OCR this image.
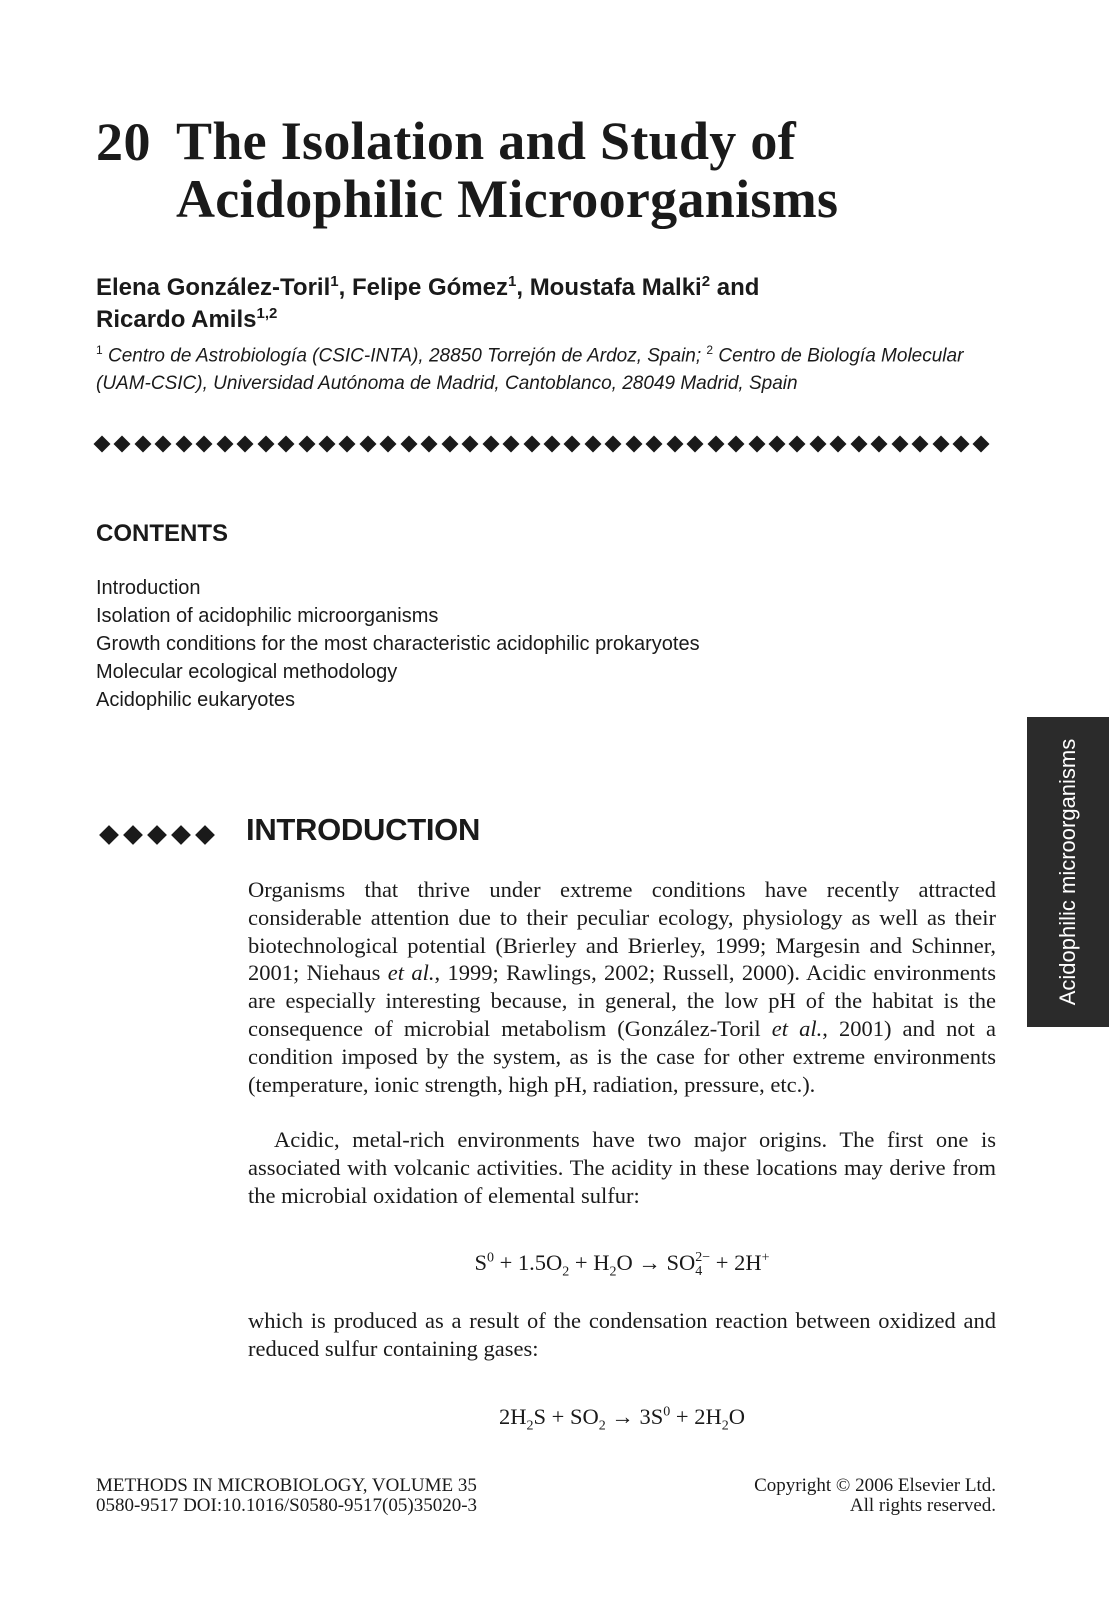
20 The Isolation and Study of
Acidophilic Microorganisms
Elena González-Toril$^1$, Felipe Gómez$^1$, Moustafa Malki$^2$ and
Ricardo Amils$^{1,2}$
$^1$ Centro de Astrobiología (CSIC-INTA), 28850 Torrejón de Ardoz, Spain; $^2$ Centro de Biología Molecular (UAM-CSIC), Universidad Autónoma de Madrid, Cantoblanco, 28049 Madrid, Spain
CONTENTS
Introduction
Isolation of acidophilic microorganisms
Growth conditions for the most characteristic acidophilic prokaryotes
Molecular ecological methodology
Acidophilic eukaryotes
Acidophilic microorganisms
INTRODUCTION

Organisms that thrive under extreme conditions have recently attracted considerable attention due to their peculiar ecology, physiology as well as their biotechnological potential (Brierley and Brierley, 1999; Margesin and Schinner, 2001; Niehaus et al., 1999; Rawlings, 2002; Russell, 2000). Acidic environments are especially interesting because, in general, the low pH of the habitat is the consequence of microbial metabolism (González-Toril et al., 2001) and not a condition imposed by the system, as is the case for other extreme environments (temperature, ionic strength, high pH, radiation, pressure, etc.).

Acidic, metal-rich environments have two major origins. The first one is associated with volcanic activities. The acidity in these locations may derive from the microbial oxidation of elemental sulfur:

$S^0 + 1.5O_2 + H_2O$ → SO 2−
4 + 2H+

which is produced as a result of the condensation reaction between oxidized and reduced sulfur containing gases:

$2H_2S + SO_2 \to 3S^0 + 2H_2O$
METHODS IN MICROBIOLOGY, VOLUME 35
0580-9517 DOI:10.1016/S0580-9517(05)35020-3
Copyright © 2006 Elsevier Ltd.
All rights reserved.
